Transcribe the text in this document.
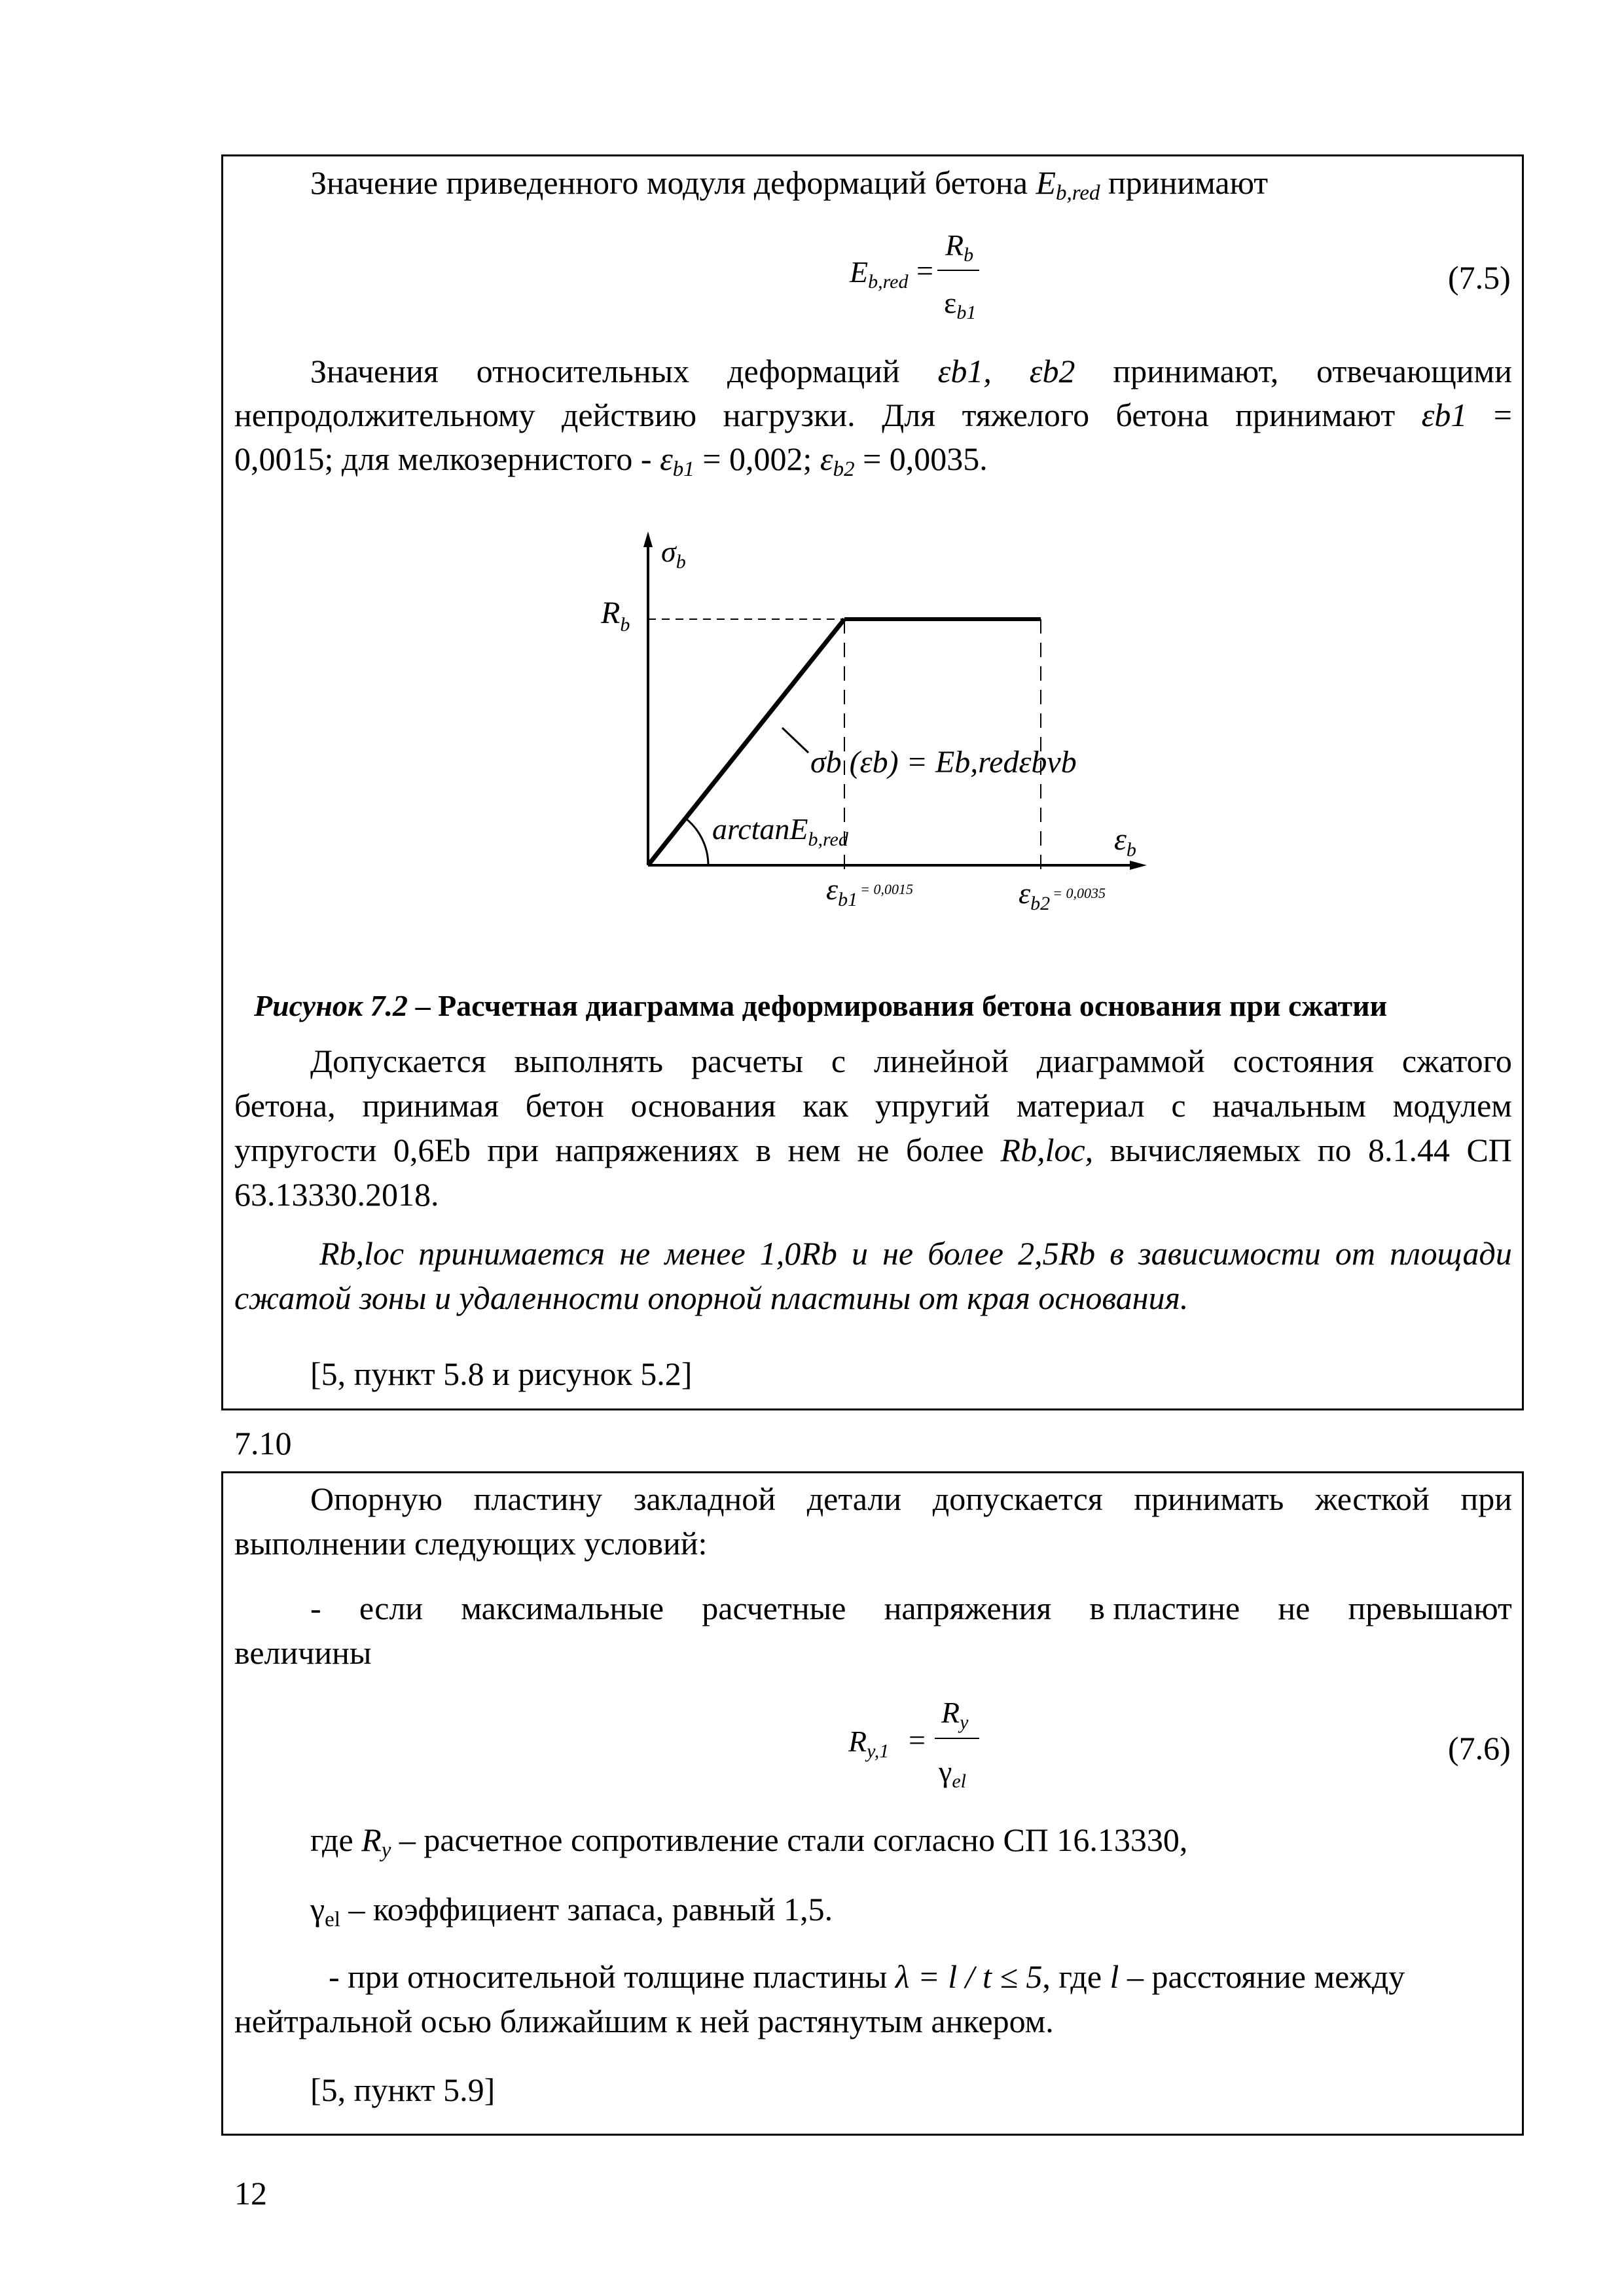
Значение приведенного модуля деформаций бетона Eb,red принимают
Eb,red =
Rb
εb1
(7.5)
Значения относительных деформаций εb1, εb2 принимают, отвечающими
непродолжительному действию нагрузки. Для тяжелого бетона принимают εb1 =
0,0015; для мелкозернистого - εb1 = 0,002; εb2 = 0,0035.
$\sigma_b$
$R_b$
σb (εb) = Eb,redεbνb
arctanE$_{b,red}$	$\varepsilon_b$
$\varepsilon_{b1}$ $^{= 0,0015}$	$\varepsilon_{b2}$ $^{= 0,0035}$
Рисунок 7.2 – Расчетная диаграмма деформирования бетона основания при сжатии
Допускается выполнять расчеты с линейной диаграммой состояния сжатого
бетона, принимая бетон основания как упругий материал с начальным модулем
упругости 0,6Eb при напряжениях в нем не более Rb,loc, вычисляемых по 8.1.44 СП
63.13330.2018.
Rb,loc принимается не менее 1,0Rb и не более 2,5Rb в зависимости от площади
сжатой зоны и удаленности опорной пластины от края основания.
[5, пункт 5.8 и рисунок 5.2]
7.10
Опорную пластину закладной детали допускается принимать жесткой при
выполнении следующих условий:
- если максимальные расчетные напряжения в пластине не превышают
величины
Ry,1 =
Ry
γel
(7.6)
где Ry – расчетное сопротивление стали согласно СП 16.13330,
γel – коэффициент запаса, равный 1,5.
- при относительной толщине пластины λ = l / t ≤ 5, где l – расстояние между
нейтральной осью ближайшим к ней растянутым анкером.
[5, пункт 5.9]
12
